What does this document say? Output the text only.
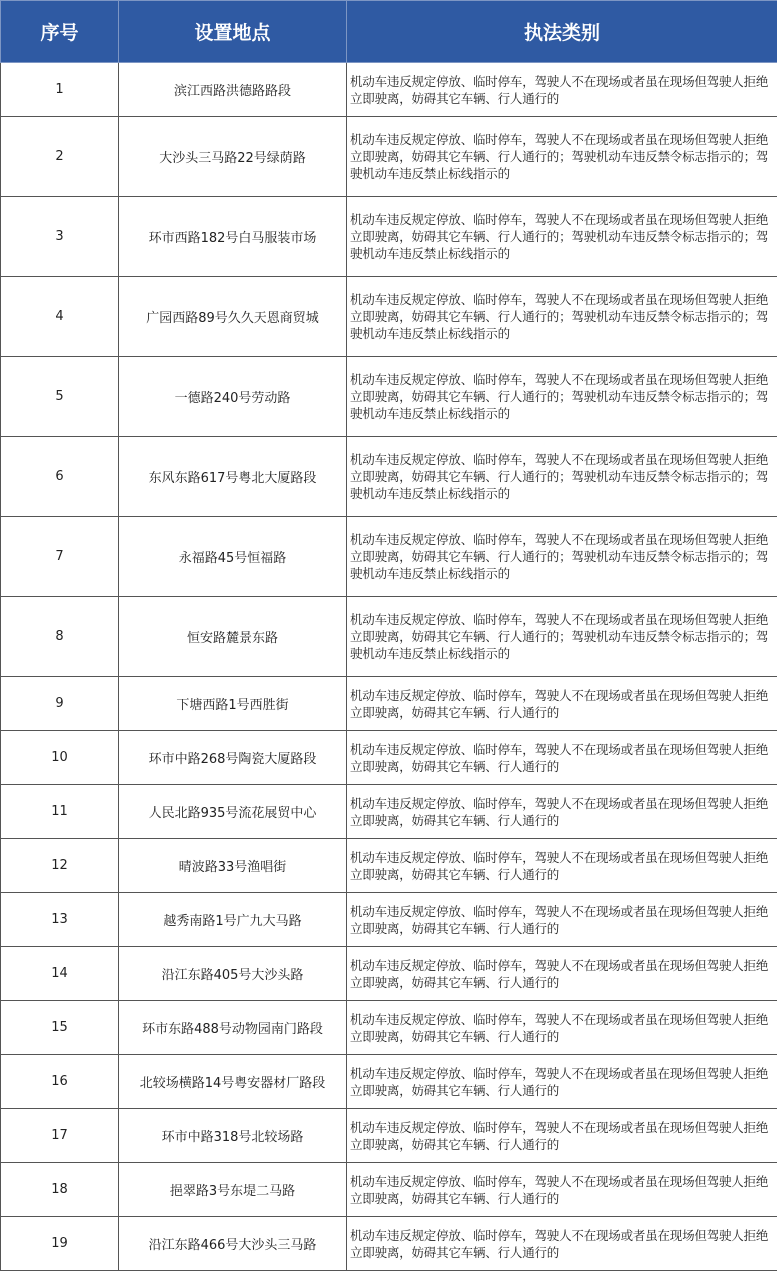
序号	设置地点	执法类别
1	滨江西路洪德路路段	机动车违反规定停放、临时停车，驾驶人不在现场或者虽在现场但驾驶人拒绝立即驶离，妨碍其它车辆、行人通行的
2	大沙头三马路22号绿荫路	机动车违反规定停放、临时停车，驾驶人不在现场或者虽在现场但驾驶人拒绝立即驶离，妨碍其它车辆、行人通行的；驾驶机动车违反禁令标志指示的；驾驶机动车违反禁止标线指示的
3	环市西路182号白马服装市场	机动车违反规定停放、临时停车，驾驶人不在现场或者虽在现场但驾驶人拒绝立即驶离，妨碍其它车辆、行人通行的；驾驶机动车违反禁令标志指示的；驾驶机动车违反禁止标线指示的
4	广园西路89号久久天恩商贸城	机动车违反规定停放、临时停车，驾驶人不在现场或者虽在现场但驾驶人拒绝立即驶离，妨碍其它车辆、行人通行的；驾驶机动车违反禁令标志指示的；驾驶机动车违反禁止标线指示的
5	一德路240号劳动路	机动车违反规定停放、临时停车，驾驶人不在现场或者虽在现场但驾驶人拒绝立即驶离，妨碍其它车辆、行人通行的；驾驶机动车违反禁令标志指示的；驾驶机动车违反禁止标线指示的
6	东风东路617号粤北大厦路段	机动车违反规定停放、临时停车，驾驶人不在现场或者虽在现场但驾驶人拒绝立即驶离，妨碍其它车辆、行人通行的；驾驶机动车违反禁令标志指示的；驾驶机动车违反禁止标线指示的
7	永福路45号恒福路	机动车违反规定停放、临时停车，驾驶人不在现场或者虽在现场但驾驶人拒绝立即驶离，妨碍其它车辆、行人通行的；驾驶机动车违反禁令标志指示的；驾驶机动车违反禁止标线指示的
8	恒安路麓景东路	机动车违反规定停放、临时停车，驾驶人不在现场或者虽在现场但驾驶人拒绝立即驶离，妨碍其它车辆、行人通行的；驾驶机动车违反禁令标志指示的；驾驶机动车违反禁止标线指示的
9	下塘西路1号西胜街	机动车违反规定停放、临时停车，驾驶人不在现场或者虽在现场但驾驶人拒绝立即驶离，妨碍其它车辆、行人通行的
10	环市中路268号陶瓷大厦路段	机动车违反规定停放、临时停车，驾驶人不在现场或者虽在现场但驾驶人拒绝立即驶离，妨碍其它车辆、行人通行的
11	人民北路935号流花展贸中心	机动车违反规定停放、临时停车，驾驶人不在现场或者虽在现场但驾驶人拒绝立即驶离，妨碍其它车辆、行人通行的
12	晴波路33号渔唱街	机动车违反规定停放、临时停车，驾驶人不在现场或者虽在现场但驾驶人拒绝立即驶离，妨碍其它车辆、行人通行的
13	越秀南路1号广九大马路	机动车违反规定停放、临时停车，驾驶人不在现场或者虽在现场但驾驶人拒绝立即驶离，妨碍其它车辆、行人通行的
14	沿江东路405号大沙头路	机动车违反规定停放、临时停车，驾驶人不在现场或者虽在现场但驾驶人拒绝立即驶离，妨碍其它车辆、行人通行的
15	环市东路488号动物园南门路段	机动车违反规定停放、临时停车，驾驶人不在现场或者虽在现场但驾驶人拒绝立即驶离，妨碍其它车辆、行人通行的
16	北较场横路14号粤安器材厂路段	机动车违反规定停放、临时停车，驾驶人不在现场或者虽在现场但驾驶人拒绝立即驶离，妨碍其它车辆、行人通行的
17	环市中路318号北较场路	机动车违反规定停放、临时停车，驾驶人不在现场或者虽在现场但驾驶人拒绝立即驶离，妨碍其它车辆、行人通行的
18	挹翠路3号东堤二马路	机动车违反规定停放、临时停车，驾驶人不在现场或者虽在现场但驾驶人拒绝立即驶离，妨碍其它车辆、行人通行的
19	沿江东路466号大沙头三马路	机动车违反规定停放、临时停车，驾驶人不在现场或者虽在现场但驾驶人拒绝立即驶离，妨碍其它车辆、行人通行的
